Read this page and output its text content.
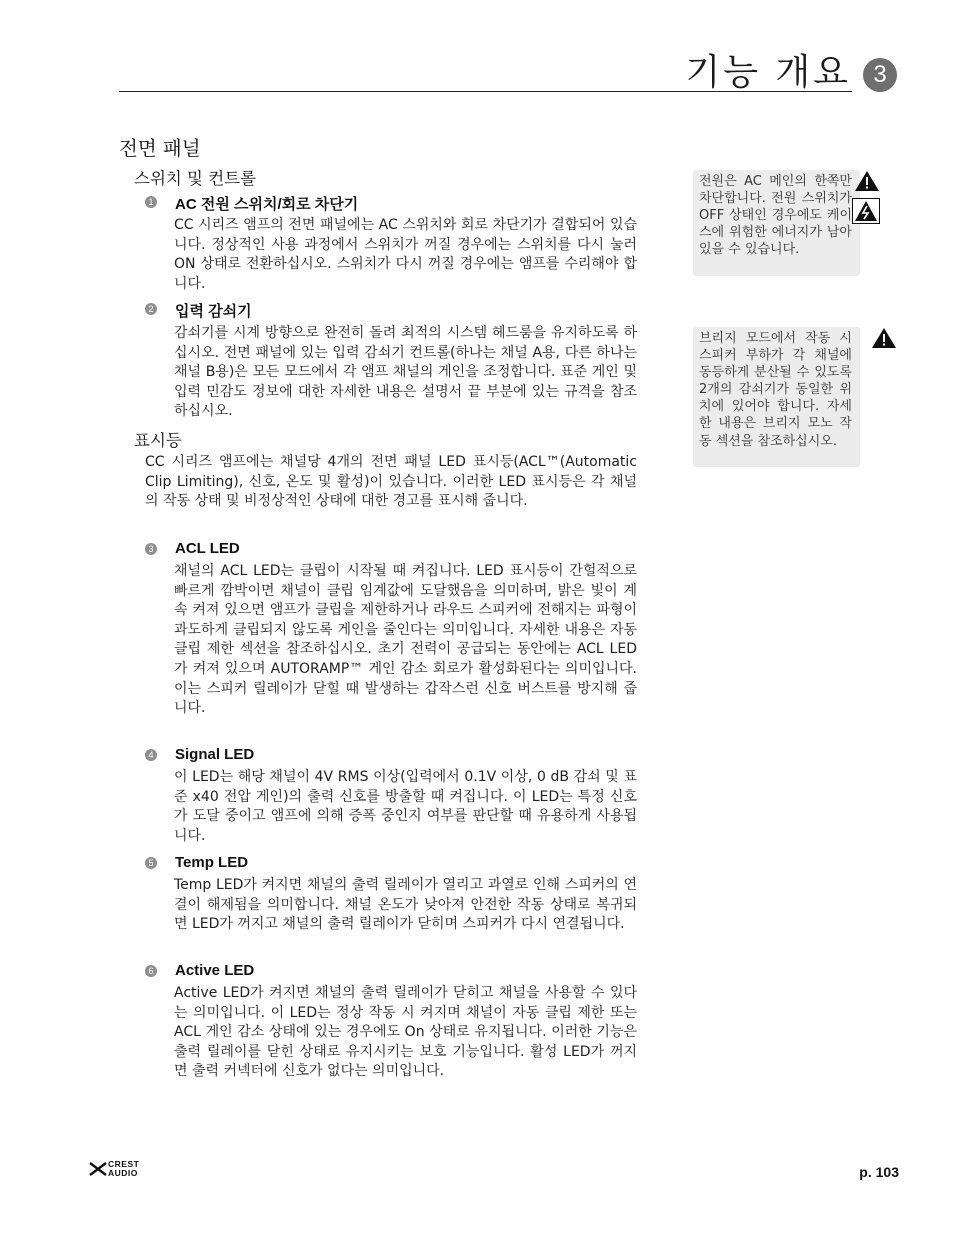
기능 개요 3
전면 패널
스위치 및 컨트롤
1 AC 전원 스위치/회로 차단기
CC 시리즈 앰프의 전면 패널에는 AC 스위치와 회로 차단기가 결합되어 있습니다. 정상적인 사용 과정에서 스위치가 꺼질 경우에는 스위치를 다시 눌러 ON 상태로 전환하십시오. 스위치가 다시 꺼질 경우에는 앰프를 수리해야 합니다.
2 입력 감쇠기
감쇠기를 시계 방향으로 완전히 돌려 최적의 시스템 헤드룸을 유지하도록 하십시오. 전면 패널에 있는 입력 감쇠기 컨트롤(하나는 채널 A용, 다른 하나는 채널 B용)은 모든 모드에서 각 앰프 채널의 게인을 조정합니다. 표준 게인 및 입력 민감도 정보에 대한 자세한 내용은 설명서 끝 부분에 있는 규격을 참조하십시오.
표시등
CC 시리즈 앰프에는 채널당 4개의 전면 패널 LED 표시등(ACL™(Automatic Clip Limiting), 신호, 온도 및 활성)이 있습니다. 이러한 LED 표시등은 각 채널의 작동 상태 및 비정상적인 상태에 대한 경고를 표시해 줍니다.
3 ACL LED
채널의 ACL LED는 클립이 시작될 때 켜집니다. LED 표시등이 간헐적으로 빠르게 깜박이면 채널이 클립 임계값에 도달했음을 의미하며, 밝은 빛이 계속 켜져 있으면 앰프가 클립을 제한하거나 라우드 스피커에 전해지는 파형이 과도하게 클립되지 않도록 게인을 줄인다는 의미입니다. 자세한 내용은 자동 클립 제한 섹션을 참조하십시오. 초기 전력이 공급되는 동안에는 ACL LED가 켜져 있으며 AUTORAMP™ 게인 감소 회로가 활성화된다는 의미입니다. 이는 스피커 릴레이가 닫힐 때 발생하는 갑작스런 신호 버스트를 방지해 줍니다.
4 Signal LED
이 LED는 해당 채널이 4V RMS 이상(입력에서 0.1V 이상, 0 dB 감쇠 및 표준 x40 전압 게인)의 출력 신호를 방출할 때 켜집니다. 이 LED는 특정 신호가 도달 중이고 앰프에 의해 증폭 중인지 여부를 판단할 때 유용하게 사용됩니다.
5 Temp LED
Temp LED가 켜지면 채널의 출력 릴레이가 열리고 과열로 인해 스피커의 연결이 해제됨을 의미합니다. 채널 온도가 낮아져 안전한 작동 상태로 복귀되면 LED가 꺼지고 채널의 출력 릴레이가 닫히며 스피커가 다시 연결됩니다.
6 Active LED
Active LED가 켜지면 채널의 출력 릴레이가 닫히고 채널을 사용할 수 있다는 의미입니다. 이 LED는 정상 작동 시 켜지며 채널이 자동 클립 제한 또는 ACL 게인 감소 상태에 있는 경우에도 On 상태로 유지됩니다. 이러한 기능은 출력 릴레이를 닫힌 상태로 유지시키는 보호 기능입니다. 활성 LED가 꺼지면 출력 커넥터에 신호가 없다는 의미입니다.
전원은 AC 메인의 한쪽만 차단합니다. 전원 스위치가 OFF 상태인 경우에도 케이스에 위험한 에너지가 남아 있을 수 있습니다.
브리지 모드에서 작동 시 스피커 부하가 각 채널에 동등하게 분산될 수 있도록 2개의 감쇠기가 동일한 위치에 있어야 합니다. 자세한 내용은 브리지 모노 작동 섹션을 참조하십시오.
CREST
AUDIO	p. 103
